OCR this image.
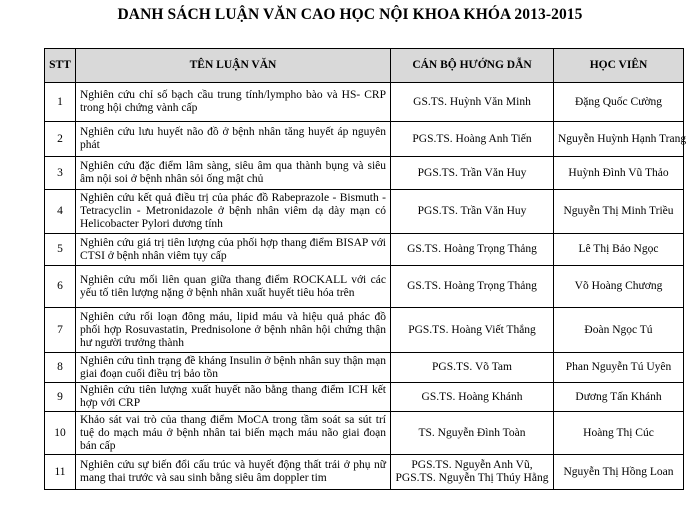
DANH SÁCH LUẬN VĂN CAO HỌC NỘI KHOA KHÓA 2013-2015
STT	TÊN LUẬN VĂN	CÁN BỘ HƯỚNG DẪN	HỌC VIÊN
1	Nghiên cứu chỉ số bạch cầu trung tính/lympho bào và HS- CRP trong hội chứng vành cấp	GS.TS. Huỳnh Văn Minh	Đặng Quốc Cường
2	Nghiên cứu lưu huyết não đồ ở bệnh nhân tăng huyết áp nguyên phát	PGS.TS. Hoàng Anh Tiến	Nguyễn Huỳnh Hạnh Trang
3	Nghiên cứu đặc điểm lâm sàng, siêu âm qua thành bụng và siêu âm nội soi ở bệnh nhân sỏi ống mật chủ	PGS.TS. Trần Văn Huy	Huỳnh Đình Vũ Thảo
4	Nghiên cứu kết quả điều trị của phác đồ Rabeprazole - Bismuth - Tetracyclin - Metronidazole ở bệnh nhân viêm dạ dày mạn có Helicobacter Pylori dương tính	PGS.TS. Trần Văn Huy	Nguyễn Thị Minh Triều
5	Nghiên cứu giá trị tiên lượng của phối hợp thang điểm BISAP với CTSI ở bệnh nhân viêm tụy cấp	GS.TS. Hoàng Trọng Thảng	Lê Thị Bảo Ngọc
6	Nghiên cứu mối liên quan giữa thang điểm ROCKALL với các yếu tố tiên lượng nặng ở bệnh nhân xuất huyết tiêu hóa trên	GS.TS. Hoàng Trọng Thảng	Võ Hoàng Chương
7	Nghiên cứu rối loạn đông máu, lipid máu và hiệu quả phác đồ phối hợp Rosuvastatin, Prednisolone ở bệnh nhân hội chứng thận hư người trưởng thành	PGS.TS. Hoàng Viết Thắng	Đoàn Ngọc Tú
8	Nghiên cứu tình trạng đề kháng Insulin ở bệnh nhân suy thận mạn giai đoạn cuối điều trị bảo tồn	PGS.TS. Võ Tam	Phan Nguyễn Tú Uyên
9	Nghiên cứu tiên lượng xuất huyết não bằng thang điểm ICH kết hợp với CRP	GS.TS. Hoàng Khánh	Dương Tấn Khánh
10	Khảo sát vai trò của thang điểm MoCA trong tầm soát sa sút trí tuệ do mạch máu ở bệnh nhân tai biến mạch máu não giai đoạn bán cấp	TS. Nguyễn Đình Toàn	Hoàng Thị Cúc
11	Nghiên cứu sự biến đổi cấu trúc và huyết động thất trái ở phụ nữ mang thai trước và sau sinh bằng siêu âm doppler tim	PGS.TS. Nguyễn Anh Vũ,
PGS.TS. Nguyễn Thị Thúy Hằng	Nguyễn Thị Hồng Loan
